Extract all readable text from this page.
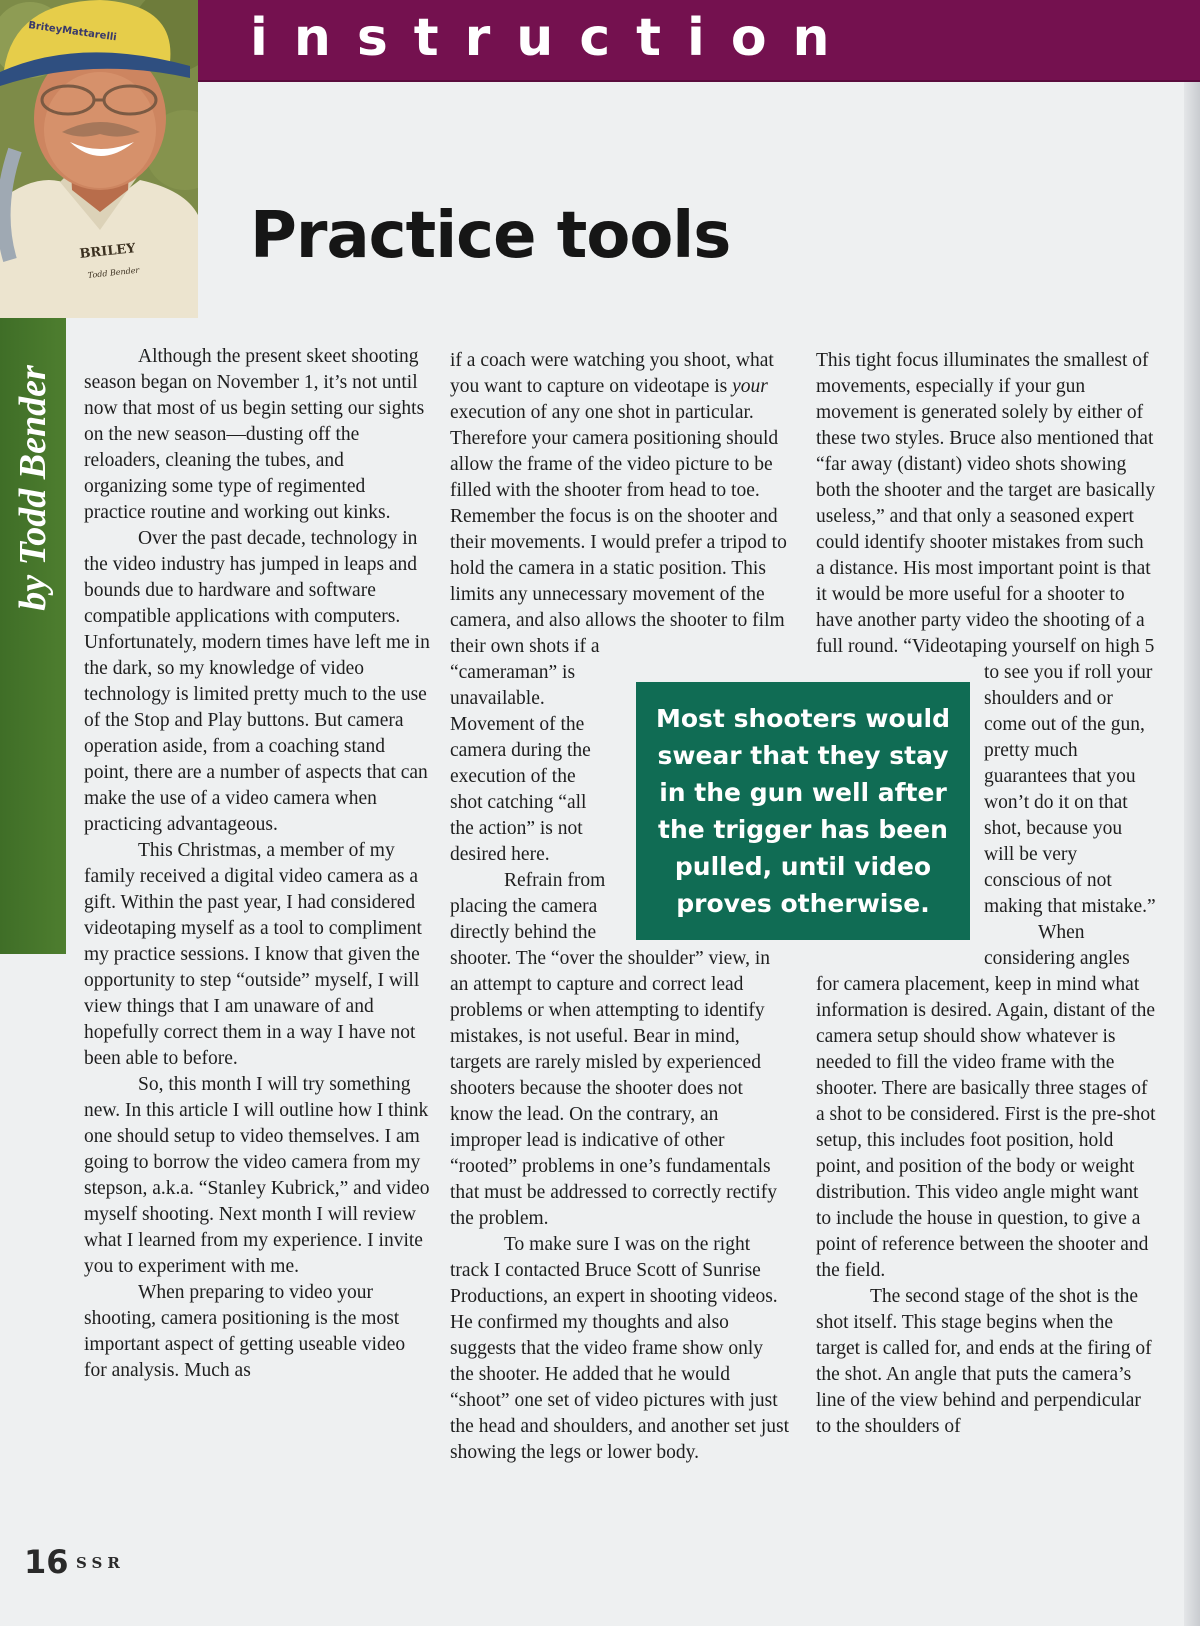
instruction
BriteyMattarelli
BRILEY
Todd Bender Practice tools
by Todd Bender

Although the present skeet shooting season began on November 1, it’s not until now that most of us begin setting our sights on the new season—dusting off the reloaders, cleaning the tubes, and organizing some type of regimented practice routine and working out kinks.

Over the past decade, technology in the video industry has jumped in leaps and bounds due to hardware and software compatible applications with computers. Unfortunately, modern times have left me in the dark, so my knowledge of video technology is limited pretty much to the use of the Stop and Play buttons. But camera operation aside, from a coaching stand point, there are a number of aspects that can make the use of a video camera when practicing advantageous.

This Christmas, a member of my family received a digital video camera as a gift. Within the past year, I had considered videotaping myself as a tool to compliment my practice sessions. I know that given the opportunity to step “outside” myself, I will view things that I am unaware of and hopefully correct them in a way I have not been able to before.

So, this month I will try something new. In this article I will outline how I think one should setup to video themselves. I am going to borrow the video camera from my stepson, a.k.a. “Stanley Kubrick,” and video myself shooting. Next month I will review what I learned from my experience. I invite you to experiment with me.

When preparing to video your shooting, camera positioning is the most important aspect of getting useable video for analysis. Much as

if a coach were watching you shoot, what you want to capture on videotape is your execution of any one shot in particular. Therefore your camera positioning should allow the frame of the video picture to be filled with the shooter from head to toe. Remember the focus is on the shooter and their movements. I would prefer a tripod to hold the camera in a static position. This limits any unnecessary movement of the camera, and also allows the shooter to film their own shots if a “cameraman” is unavailable. Movement of the camera during the execution of the shot catching “all the action” is not desired here.

Refrain from placing the camera directly behind the shooter. The “over the shoulder” view, in an attempt to capture and correct lead problems or when attempting to identify mistakes, is not useful. Bear in mind, targets are rarely misled by experienced shooters because the shooter does not know the lead. On the contrary, an improper lead is indicative of other “rooted” problems in one’s fundamentals that must be addressed to correctly rectify the problem.

To make sure I was on the right track I contacted Bruce Scott of Sunrise Productions, an expert in shooting videos. He confirmed my thoughts and also suggests that the video frame show only the shooter. He added that he would “shoot” one set of video pictures with just the head and shoulders, and another set just showing the legs or lower body.

This tight focus illuminates the smallest of movements, especially if your gun movement is generated solely by either of these two styles. Bruce also mentioned that “far away (distant) video shots showing both the shooter and the target are basically useless,” and that only a seasoned expert could identify shooter mistakes from such a distance. His most important point is that it would be more useful for a shooter to have another party video the shooting of a full round. “Videotaping yourself on high 5 to see you if roll your shoulders and or come out of the gun, pretty much guarantees that you won’t do it on that shot, because you will be very conscious of not making that mistake.”

When considering angles for camera placement, keep in mind what information is desired. Again, distant of the camera setup should show whatever is needed to fill the video frame with the shooter. There are basically three stages of a shot to be considered. First is the pre-shot setup, this includes foot position, hold point, and position of the body or weight distribution. This video angle might want to include the house in question, to give a point of reference between the shooter and the field.

The second stage of the shot is the shot itself. This stage begins when the target is called for, and ends at the firing of the shot. An angle that puts the camera’s line of the view behind and perpendicular to the shoulders of

Most shooters would swear that they stay in the gun well after the trigger has been pulled, until video proves otherwise.
16 SSR
